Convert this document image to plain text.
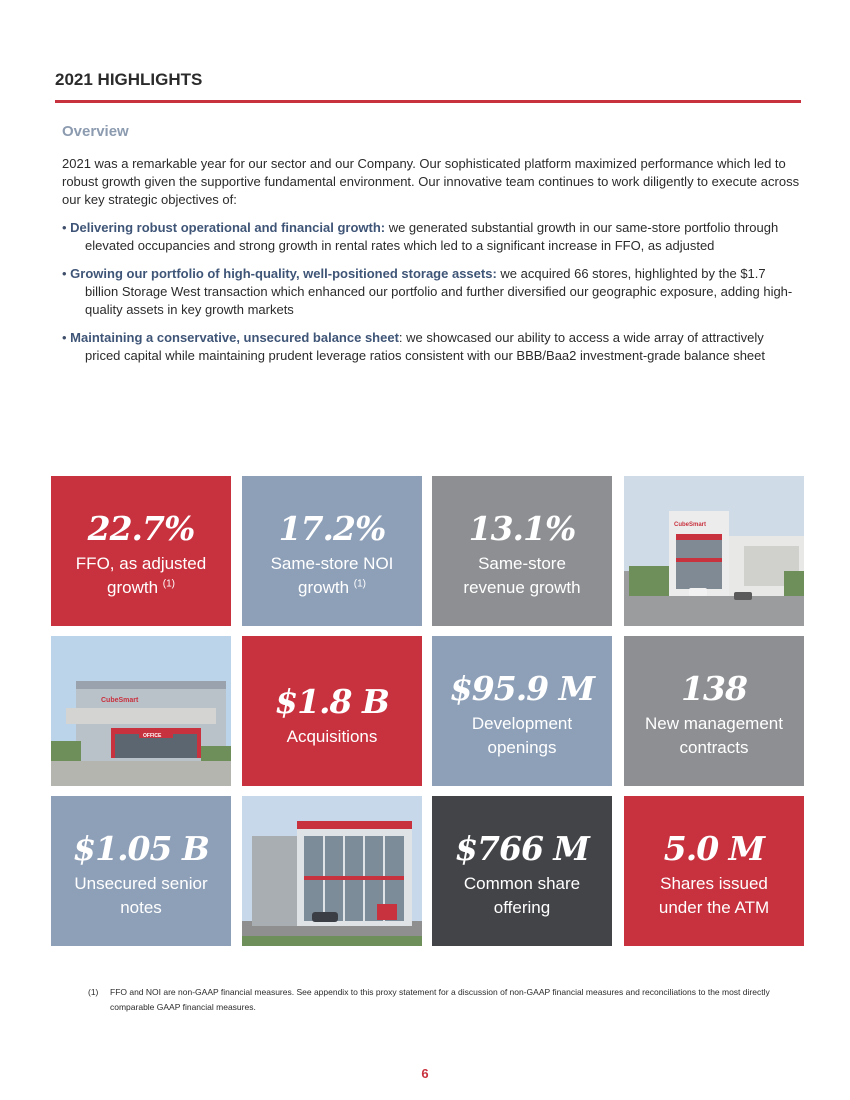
2021 HIGHLIGHTS
Overview

2021 was a remarkable year for our sector and our Company. Our sophisticated platform maximized performance which led to robust growth given the supportive fundamental environment. Our innovative team continues to work diligently to execute across our key strategic objectives of:

• Delivering robust operational and financial growth: we generated substantial growth in our same-store portfolio through elevated occupancies and strong growth in rental rates which led to a significant increase in FFO, as adjusted
• Growing our portfolio of high-quality, well-positioned storage assets: we acquired 66 stores, highlighted by the $1.7 billion Storage West transaction which enhanced our portfolio and further diversified our geographic exposure, adding high-quality assets in key growth markets
• Maintaining a conservative, unsecured balance sheet: we showcased our ability to access a wide array of attractively priced capital while maintaining prudent leverage ratios consistent with our BBB/Baa2 investment-grade balance sheet
22.7%
FFO, as adjusted
growth $^{(1)}$
17.2%
Same-store NOI
growth $^{(1)}$
13.1%
Same-store
revenue growth
CubeSmart
CubeSmart
OFFICE
$1.8 B
Acquisitions
$95.9 M
Development
openings
138
New management
contracts
$1.05 B
Unsecured senior
notes
$766 M
Common share
offering
5.0 M
Shares issued
under the ATM
(1) FFO and NOI are non-GAAP financial measures. See appendix to this proxy statement for a discussion of non-GAAP financial measures and reconciliations to the most directly comparable GAAP financial measures.
6
